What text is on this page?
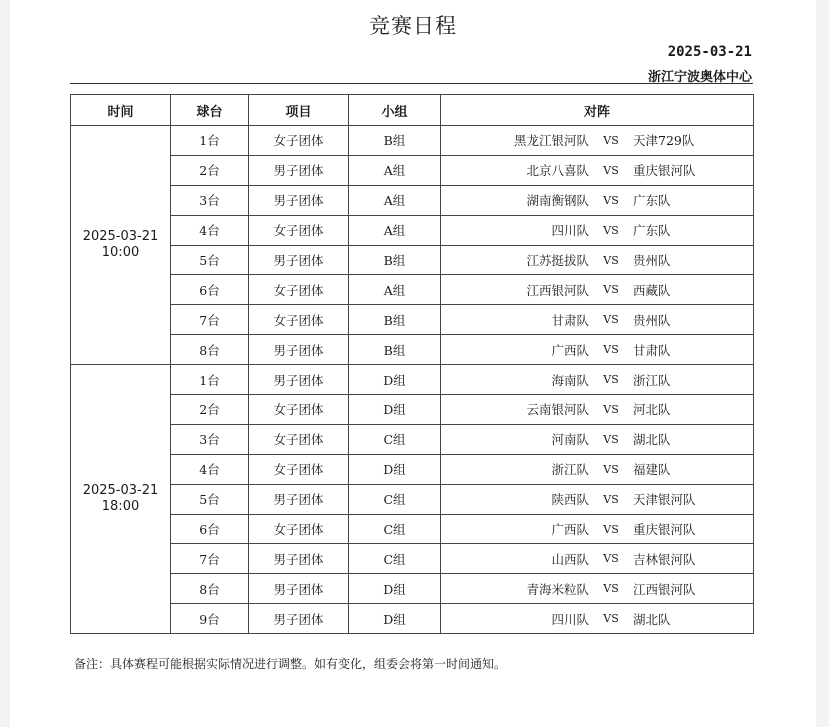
竞赛日程
2025-03-21
浙江宁波奥体中心
时间	球台	项目	小组	对阵

2025-03-21
10:00	1台	女子团体	B组	黑龙江银河队 VS 天津729队

	2台	男子团体	A组	北京八喜队 VS 重庆银河队

	3台	男子团体	A组	湖南衡钢队 VS 广东队

	4台	女子团体	A组	四川队 VS 广东队

	5台	男子团体	B组	江苏挺拔队 VS 贵州队

	6台	女子团体	A组	江西银河队 VS 西藏队

	7台	女子团体	B组	甘肃队 VS 贵州队

	8台	男子团体	B组	广西队 VS 甘肃队

2025-03-21
18:00	1台	男子团体	D组	海南队 VS 浙江队

	2台	女子团体	D组	云南银河队 VS 河北队

	3台	女子团体	C组	河南队 VS 湖北队

	4台	女子团体	D组	浙江队 VS 福建队

	5台	男子团体	C组	陕西队 VS 天津银河队

	6台	女子团体	C组	广西队 VS 重庆银河队

	7台	男子团体	C组	山西队 VS 吉林银河队

	8台	男子团体	D组	青海米粒队 VS 江西银河队

	9台	男子团体	D组	四川队 VS 湖北队
备注：具体赛程可能根据实际情况进行调整。如有变化，组委会将第一时间通知。
